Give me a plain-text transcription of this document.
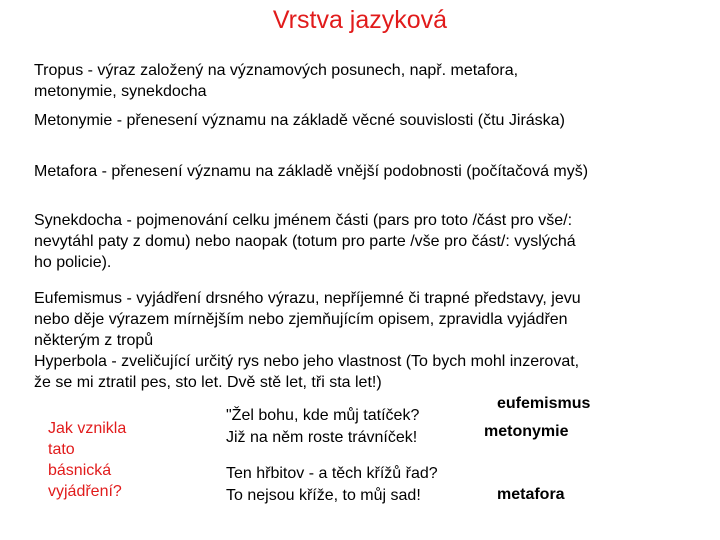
Vrstva jazyková

Tropus - výraz založený na významových posunech, např. metafora,
metonymie, synekdocha

Metonymie - přenesení významu na základě věcné souvislosti (čtu Jiráska)

Metafora - přenesení významu na základě vnější podobnosti (počítačová myš)

Synekdocha - pojmenování celku jménem části (pars pro toto /část pro vše/:
nevytáhl paty z domu) nebo naopak (totum pro parte /vše pro část/: vyslýchá
ho policie).

Eufemismus - vyjádření drsného výrazu, nepříjemné či trapné představy, jevu
nebo děje výrazem mírnějším nebo zjemňujícím opisem, zpravidla vyjádřen
některým z tropů
Hyperbola - zveličující určitý rys nebo jeho vlastnost (To bych mohl inzerovat,
že se mi ztratil pes, sto let. Dvě stě let, tři sta let!)

Jak vznikla
tato
básnická
vyjádření?

"Žel bohu, kde můj tatíček?
Již na něm roste trávníček!

Ten hřbitov - a těch křížů řad?
To nejsou kříže, to můj sad!

eufemismus

metonymie

metafora
